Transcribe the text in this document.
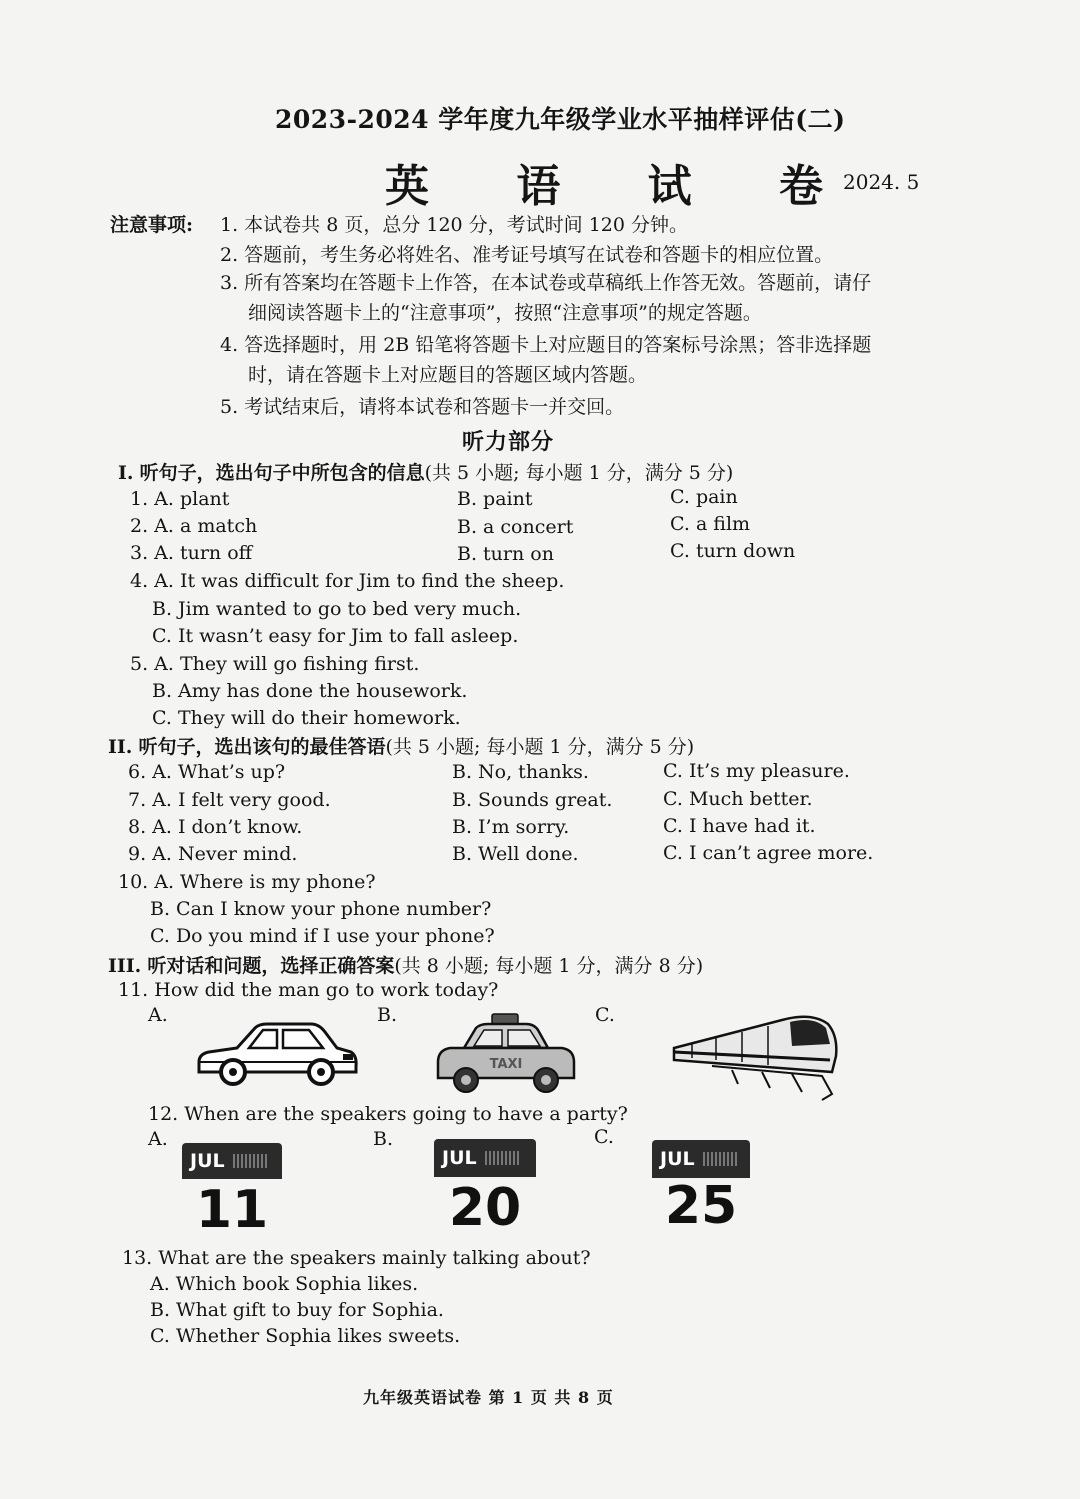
2023-2024 学年度九年级学业水平抽样评估(二)
英 语 试 卷
2024. 5
注意事项: 1. 本试卷共 8 页，总分 120 分，考试时间 120 分钟。
2. 答题前，考生务必将姓名、准考证号填写在试卷和答题卡的相应位置。
3. 所有答案均在答题卡上作答，在本试卷或草稿纸上作答无效。答题前，请仔
细阅读答题卡上的“注意事项”，按照“注意事项”的规定答题。
4. 答选择题时，用 2B 铅笔将答题卡上对应题目的答案标号涂黑；答非选择题
时，请在答题卡上对应题目的答题区域内答题。
5. 考试结束后，请将本试卷和答题卡一并交回。
听力部分
I. 听句子，选出句子中所包含的信息(共 5 小题; 每小题 1 分，满分 5 分)
1. A. plant	B. paint	C. pain
2. A. a match	B. a concert	C. a film
3. A. turn off	B. turn on	C. turn down
4. A. It was difficult for Jim to find the sheep.
B. Jim wanted to go to bed very much.
C. It wasn’t easy for Jim to fall asleep.
5. A. They will go fishing first.
B. Amy has done the housework.
C. They will do their homework.
II. 听句子，选出该句的最佳答语(共 5 小题; 每小题 1 分，满分 5 分)
6. A. What’s up?	B. No, thanks.	C. It’s my pleasure.
7. A. I felt very good.	B. Sounds great.	C. Much better.
8. A. I don’t know.	B. I’m sorry.	C. I have had it.
9. A. Never mind.	B. Well done.	C. I can’t agree more.
10. A. Where is my phone?
B. Can I know your phone number?
C. Do you mind if I use your phone?
III. 听对话和问题，选择正确答案(共 8 小题; 每小题 1 分，满分 8 分)
11. How did the man go to work today?
A.	B.	C.
TAXI
12. When are the speakers going to have a party?
A.	B.	C.
JUL
11
JUL
20
JUL
25
13. What are the speakers mainly talking about?
A. Which book Sophia likes.
B. What gift to buy for Sophia.
C. Whether Sophia likes sweets.
九年级英语试卷 第 1 页 共 8 页
